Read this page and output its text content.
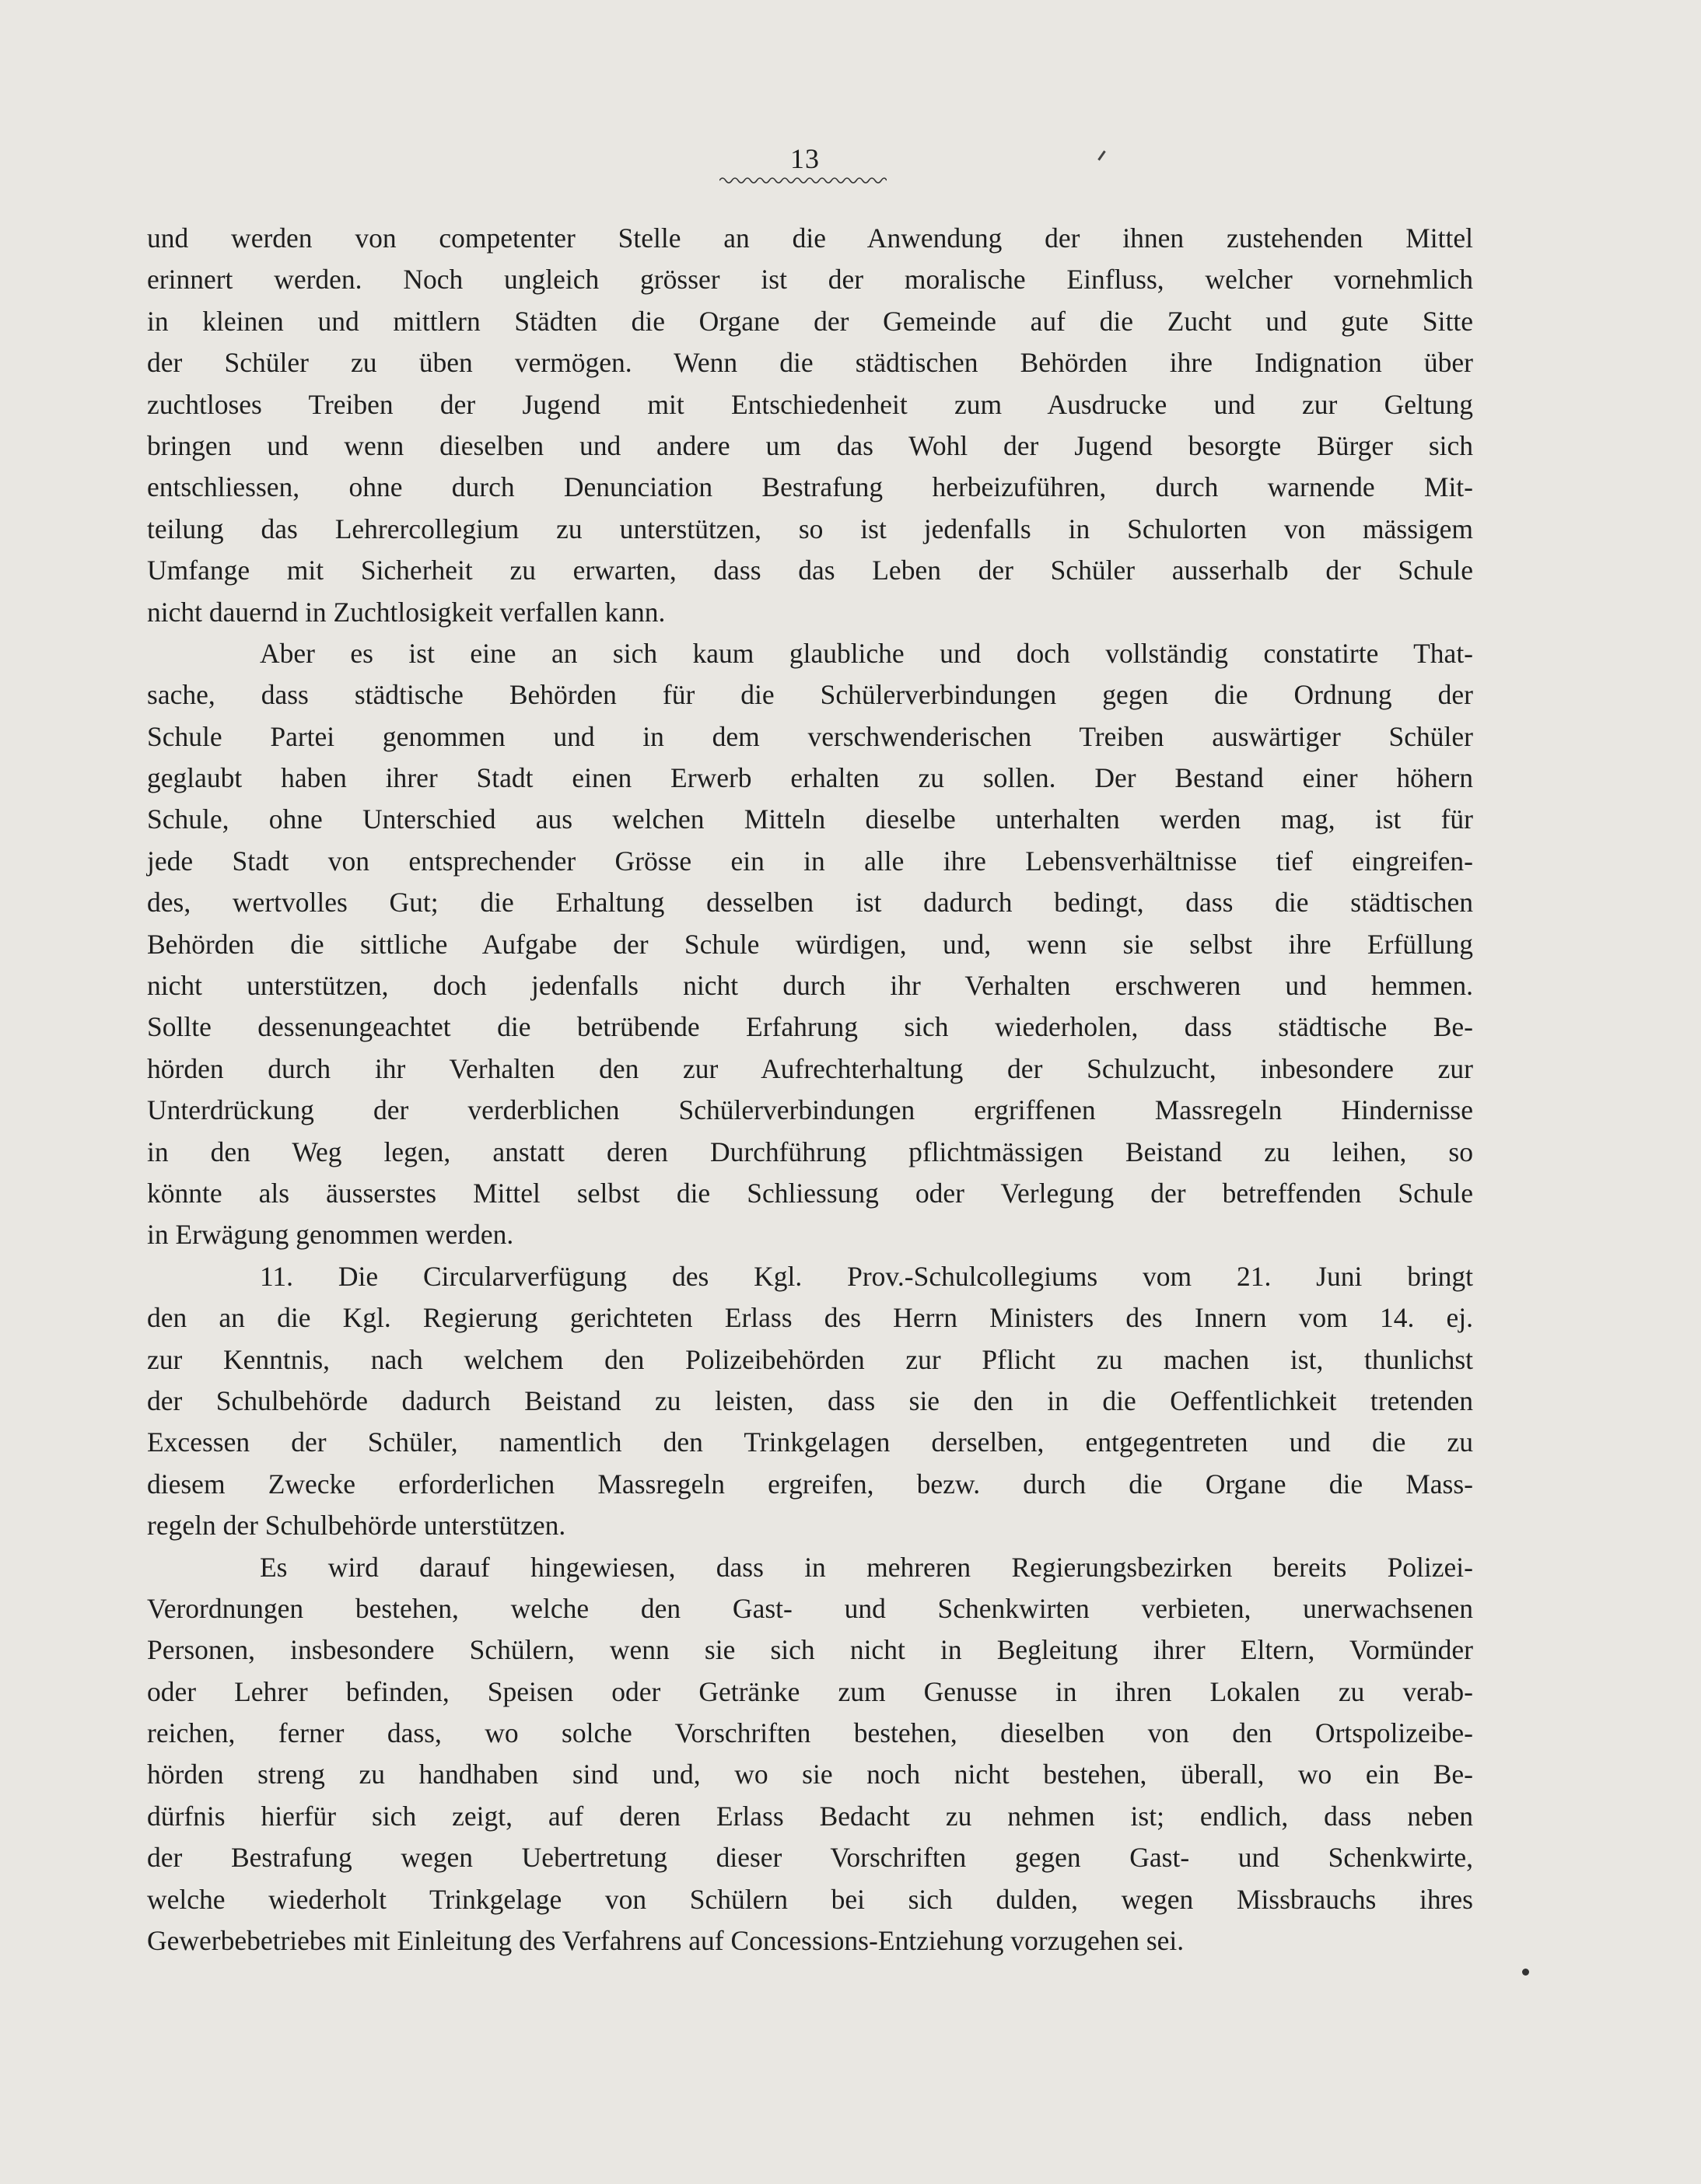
13
und werden von competenter Stelle an die Anwendung der ihnen zustehenden Mittel
erinnert werden. Noch ungleich grösser ist der moralische Einfluss, welcher vornehmlich
in kleinen und mittlern Städten die Organe der Gemeinde auf die Zucht und gute Sitte
der Schüler zu üben vermögen. Wenn die städtischen Behörden ihre Indignation über
zuchtloses Treiben der Jugend mit Entschiedenheit zum Ausdrucke und zur Geltung
bringen und wenn dieselben und andere um das Wohl der Jugend besorgte Bürger sich
entschliessen, ohne durch Denunciation Bestrafung herbeizuführen, durch warnende Mit-
teilung das Lehrercollegium zu unterstützen, so ist jedenfalls in Schulorten von mässigem
Umfange mit Sicherheit zu erwarten, dass das Leben der Schüler ausserhalb der Schule
nicht dauernd in Zuchtlosigkeit verfallen kann.
Aber es ist eine an sich kaum glaubliche und doch vollständig constatirte That-
sache, dass städtische Behörden für die Schülerverbindungen gegen die Ordnung der
Schule Partei genommen und in dem verschwenderischen Treiben auswärtiger Schüler
geglaubt haben ihrer Stadt einen Erwerb erhalten zu sollen. Der Bestand einer höhern
Schule, ohne Unterschied aus welchen Mitteln dieselbe unterhalten werden mag, ist für
jede Stadt von entsprechender Grösse ein in alle ihre Lebensverhältnisse tief eingreifen-
des, wertvolles Gut; die Erhaltung desselben ist dadurch bedingt, dass die städtischen
Behörden die sittliche Aufgabe der Schule würdigen, und, wenn sie selbst ihre Erfüllung
nicht unterstützen, doch jedenfalls nicht durch ihr Verhalten erschweren und hemmen.
Sollte dessenungeachtet die betrübende Erfahrung sich wiederholen, dass städtische Be-
hörden durch ihr Verhalten den zur Aufrechterhaltung der Schulzucht, inbesondere zur
Unterdrückung der verderblichen Schülerverbindungen ergriffenen Massregeln Hindernisse
in den Weg legen, anstatt deren Durchführung pflichtmässigen Beistand zu leihen, so
könnte als äusserstes Mittel selbst die Schliessung oder Verlegung der betreffenden Schule
in Erwägung genommen werden.
11. Die Circularverfügung des Kgl. Prov.-Schulcollegiums vom 21. Juni bringt
den an die Kgl. Regierung gerichteten Erlass des Herrn Ministers des Innern vom 14. ej.
zur Kenntnis, nach welchem den Polizeibehörden zur Pflicht zu machen ist, thunlichst
der Schulbehörde dadurch Beistand zu leisten, dass sie den in die Oeffentlichkeit tretenden
Excessen der Schüler, namentlich den Trinkgelagen derselben, entgegentreten und die zu
diesem Zwecke erforderlichen Massregeln ergreifen, bezw. durch die Organe die Mass-
regeln der Schulbehörde unterstützen.
Es wird darauf hingewiesen, dass in mehreren Regierungsbezirken bereits Polizei-
Verordnungen bestehen, welche den Gast- und Schenkwirten verbieten, unerwachsenen
Personen, insbesondere Schülern, wenn sie sich nicht in Begleitung ihrer Eltern, Vormünder
oder Lehrer befinden, Speisen oder Getränke zum Genusse in ihren Lokalen zu verab-
reichen, ferner dass, wo solche Vorschriften bestehen, dieselben von den Ortspolizeibe-
hörden streng zu handhaben sind und, wo sie noch nicht bestehen, überall, wo ein Be-
dürfnis hierfür sich zeigt, auf deren Erlass Bedacht zu nehmen ist; endlich, dass neben
der Bestrafung wegen Uebertretung dieser Vorschriften gegen Gast- und Schenkwirte,
welche wiederholt Trinkgelage von Schülern bei sich dulden, wegen Missbrauchs ihres
Gewerbebetriebes mit Einleitung des Verfahrens auf Concessions-Entziehung vorzugehen sei.
